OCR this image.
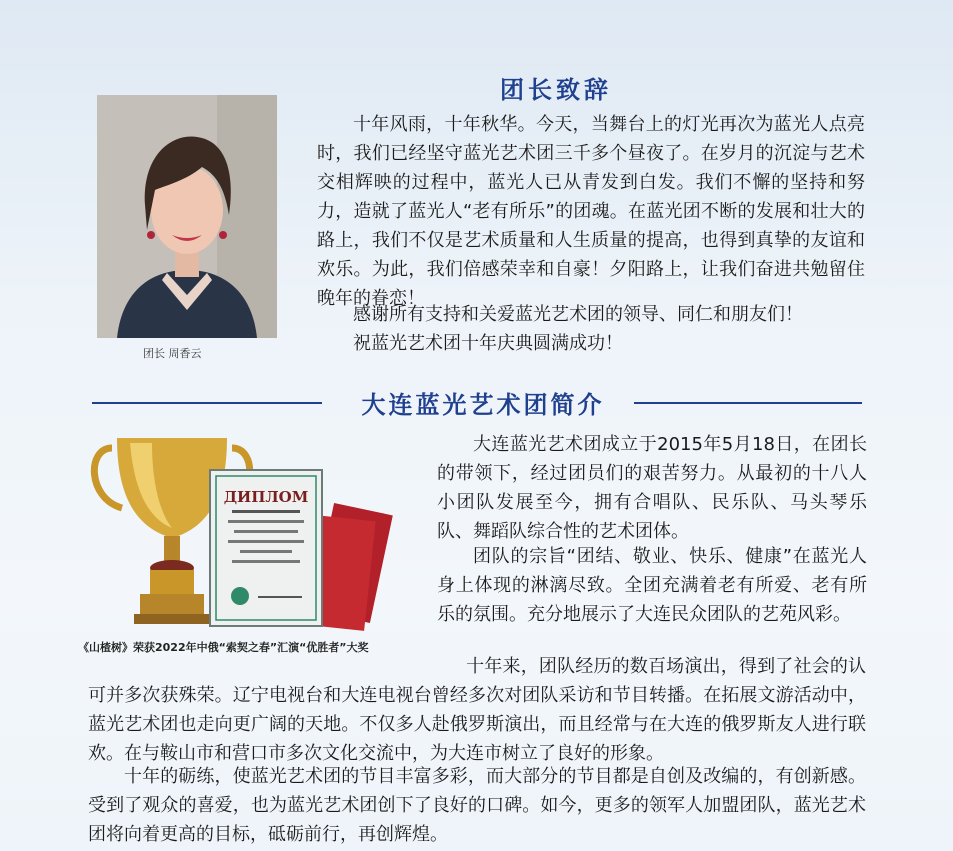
团长致辞
团长 周香云
十年风雨，十年秋华。今天，当舞台上的灯光再次为蓝光人点亮时，我们已经坚守蓝光艺术团三千多个昼夜了。在岁月的沉淀与艺术交相辉映的过程中，蓝光人已从青发到白发。我们不懈的坚持和努力，造就了蓝光人“老有所乐”的团魂。在蓝光团不断的发展和壮大的路上，我们不仅是艺术质量和人生质量的提高，也得到真挚的友谊和欢乐。为此，我们倍感荣幸和自豪！夕阳路上，让我们奋进共勉留住晚年的眷恋！
感谢所有支持和关爱蓝光艺术团的领导、同仁和朋友们！
祝蓝光艺术团十年庆典圆满成功！
大连蓝光艺术团简介
ДИПЛОМ
《山楂树》荣获2022年中俄“索契之春”汇演“优胜者”大奖
大连蓝光艺术团成立于2015年5月18日，在团长的带领下，经过团员们的艰苦努力。从最初的十八人小团队发展至今，拥有合唱队、民乐队、马头琴乐队、舞蹈队综合性的艺术团体。
团队的宗旨“团结、敬业、快乐、健康”在蓝光人身上体现的淋漓尽致。全团充满着老有所爱、老有所乐的氛围。充分地展示了大连民众团队的艺苑风彩。
十年来，团队经历的数百场演出，得到了社会的认可并多次获殊荣。辽宁电视台和大连电视台曾经多次对团队采访和节目转播。在拓展文游活动中，蓝光艺术团也走向更广阔的天地。不仅多人赴俄罗斯演出，而且经常与在大连的俄罗斯友人进行联欢。在与鞍山市和营口市多次文化交流中，为大连市树立了良好的形象。
十年的砺练，使蓝光艺术团的节目丰富多彩，而大部分的节目都是自创及改编的，有创新感。受到了观众的喜爱，也为蓝光艺术团创下了良好的口碑。如今，更多的领军人加盟团队，蓝光艺术团将向着更高的目标，砥砺前行，再创辉煌。
